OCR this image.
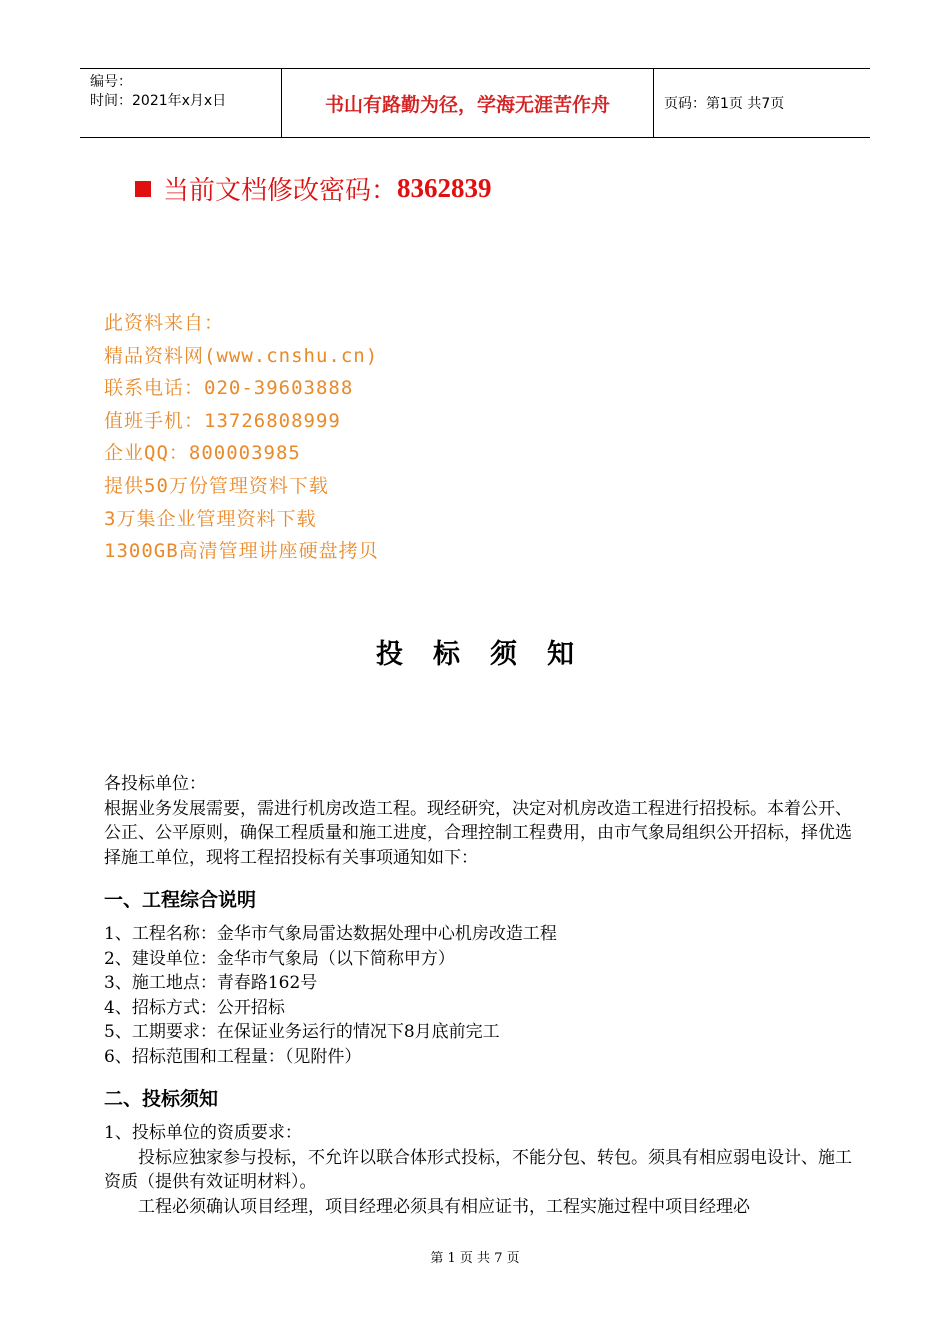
编号：
时间：2021年x月x日	书山有路勤为径，学海无涯苦作舟	页码：第1页 共7页
当前文档修改密码： 8362839
此资料来自：
精品资料网(www.cnshu.cn)
联系电话：020-39603888
值班手机：13726808999
企业QQ：800003985
提供50万份管理资料下载
3万集企业管理资料下载
1300GB高清管理讲座硬盘拷贝
投标须知
各投标单位：
根据业务发展需要，需进行机房改造工程。现经研究，决定对机房改造工程进行招投标。本着公开、公正、公平原则，确保工程质量和施工进度，合理控制工程费用，由市气象局组织公开招标，择优选择施工单位，现将工程招投标有关事项通知如下：
一、工程综合说明
1、工程名称：金华市气象局雷达数据处理中心机房改造工程
2、建设单位：金华市气象局（以下简称甲方）
3、施工地点：青春路162号
4、招标方式：公开招标
5、工期要求：在保证业务运行的情况下8月底前完工
6、招标范围和工程量：（见附件）
二、投标须知
1、投标单位的资质要求：
投标应独家参与投标，不允许以联合体形式投标，不能分包、转包。须具有相应弱电设计、施工资质（提供有效证明材料）。
工程必须确认项目经理，项目经理必须具有相应证书，工程实施过程中项目经理必
第 1 页 共 7 页
